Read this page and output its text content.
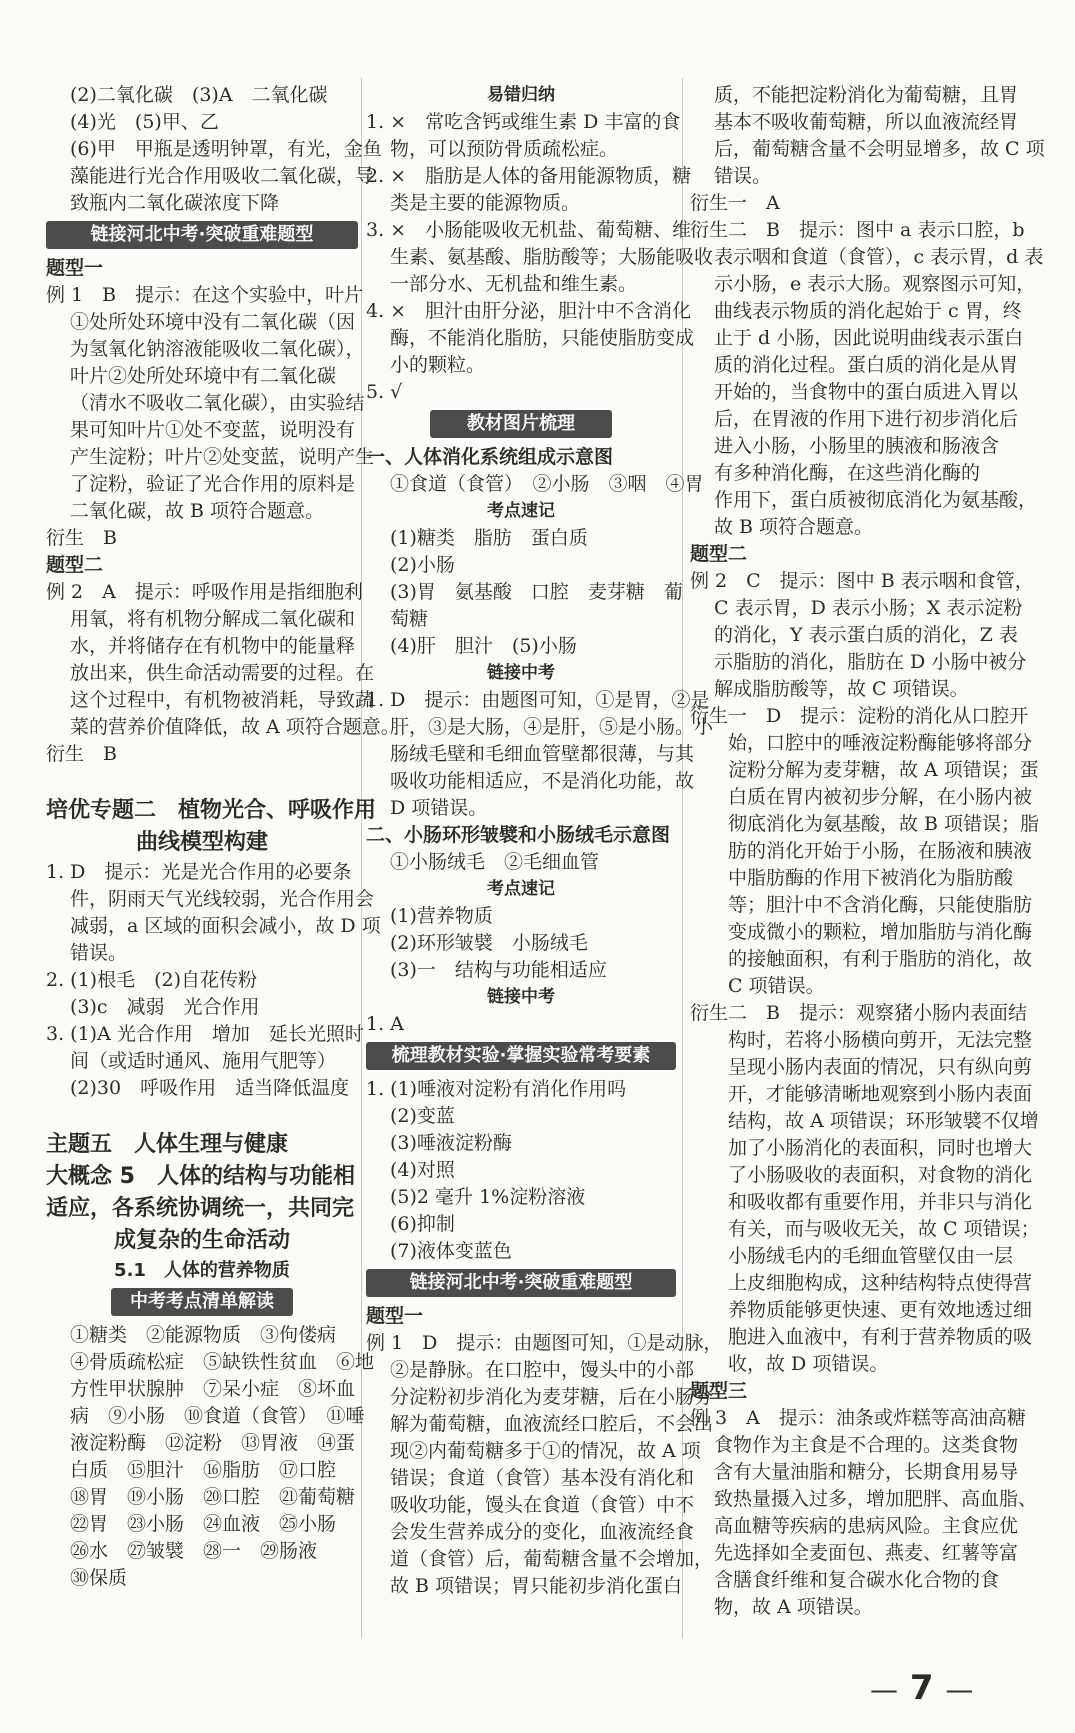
(2)二氧化碳　(3)A　二氧化碳
(4)光　(5)甲、乙
(6)甲　甲瓶是透明钟罩，有光，金鱼
藻能进行光合作用吸收二氧化碳，导
致瓶内二氧化碳浓度下降
链接河北中考·突破重难题型
题型一
例 1　B　提示：在这个实验中，叶片
①处所处环境中没有二氧化碳（因
为氢氧化钠溶液能吸收二氧化碳），
叶片②处所处环境中有二氧化碳
（清水不吸收二氧化碳），由实验结
果可知叶片①处不变蓝，说明没有
产生淀粉；叶片②处变蓝，说明产生
了淀粉，验证了光合作用的原料是
二氧化碳，故 B 项符合题意。
衍生　B
题型二
例 2　A　提示：呼吸作用是指细胞利
用氧，将有机物分解成二氧化碳和
水，并将储存在有机物中的能量释
放出来，供生命活动需要的过程。在
这个过程中，有机物被消耗，导致蔬
菜的营养价值降低，故 A 项符合题意。
衍生　B

培优专题二　植物光合、呼吸作用
曲线模型构建
1. D　提示：光是光合作用的必要条
件，阴雨天气光线较弱，光合作用会
减弱，a 区域的面积会减小，故 D 项
错误。
2. (1)根毛　(2)自花传粉
(3)c　减弱　光合作用
3. (1)A 光合作用　增加　延长光照时
间（或适时通风、施用气肥等）
(2)30　呼吸作用　适当降低温度

主题五　人体生理与健康
大概念 5　人体的结构与功能相
适应，各系统协调统一，共同完
成复杂的生命活动
5.1　人体的营养物质
中考考点清单解读
①糖类　②能源物质　③佝偻病
④骨质疏松症　⑤缺铁性贫血　⑥地
方性甲状腺肿　⑦呆小症　⑧坏血
病　⑨小肠　⑩食道（食管）　⑪唾
液淀粉酶　⑫淀粉　⑬胃液　⑭蛋
白质　⑮胆汁　⑯脂肪　⑰口腔
⑱胃　⑲小肠　⑳口腔　㉑葡萄糖
㉒胃　㉓小肠　㉔血液　㉕小肠
㉖水　㉗皱襞　㉘一　㉙肠液
㉚保质
易错归纳
1. ×　常吃含钙或维生素 D 丰富的食
物，可以预防骨质疏松症。
2. ×　脂肪是人体的备用能源物质，糖
类是主要的能源物质。
3. ×　小肠能吸收无机盐、葡萄糖、维
生素、氨基酸、脂肪酸等；大肠能吸收
一部分水、无机盐和维生素。
4. ×　胆汁由肝分泌，胆汁中不含消化
酶，不能消化脂肪，只能使脂肪变成
小的颗粒。
5. √
教材图片梳理
一、人体消化系统组成示意图
①食道（食管）　②小肠　③咽　④胃
考点速记
(1)糖类　脂肪　蛋白质
(2)小肠
(3)胃　氨基酸　口腔　麦芽糖　葡
萄糖
(4)肝　胆汁　(5)小肠
链接中考
1. D　提示：由题图可知，①是胃，②是
肝，③是大肠，④是肝，⑤是小肠。小
肠绒毛壁和毛细血管壁都很薄，与其
吸收功能相适应，不是消化功能，故
D 项错误。
二、小肠环形皱襞和小肠绒毛示意图
①小肠绒毛　②毛细血管
考点速记
(1)营养物质
(2)环形皱襞　小肠绒毛
(3)一　结构与功能相适应
链接中考
1. A
梳理教材实验·掌握实验常考要素
1. (1)唾液对淀粉有消化作用吗
(2)变蓝
(3)唾液淀粉酶
(4)对照
(5)2 毫升 1%淀粉溶液
(6)抑制
(7)液体变蓝色
链接河北中考·突破重难题型
题型一
例 1　D　提示：由题图可知，①是动脉，
②是静脉。在口腔中，馒头中的小部
分淀粉初步消化为麦芽糖，后在小肠分
解为葡萄糖，血液流经口腔后，不会出
现②内葡萄糖多于①的情况，故 A 项
错误；食道（食管）基本没有消化和
吸收功能，馒头在食道（食管）中不
会发生营养成分的变化，血液流经食
道（食管）后，葡萄糖含量不会增加，
故 B 项错误；胃只能初步消化蛋白
质，不能把淀粉消化为葡萄糖，且胃
基本不吸收葡萄糖，所以血液流经胃
后，葡萄糖含量不会明显增多，故 C 项
错误。
衍生一　A
衍生二　B　提示：图中 a 表示口腔，b
表示咽和食道（食管），c 表示胃，d 表
示小肠，e 表示大肠。观察图示可知，
曲线表示物质的消化起始于 c 胃，终
止于 d 小肠，因此说明曲线表示蛋白
质的消化过程。蛋白质的消化是从胃
开始的，当食物中的蛋白质进入胃以
后，在胃液的作用下进行初步消化后
进入小肠，小肠里的胰液和肠液含
有多种消化酶，在这些消化酶的
作用下，蛋白质被彻底消化为氨基酸，
故 B 项符合题意。
题型二
例 2　C　提示：图中 B 表示咽和食管，
C 表示胃，D 表示小肠；X 表示淀粉
的消化，Y 表示蛋白质的消化，Z 表
示脂肪的消化，脂肪在 D 小肠中被分
解成脂肪酸等，故 C 项错误。
衍生一　D　提示：淀粉的消化从口腔开
始，口腔中的唾液淀粉酶能够将部分
淀粉分解为麦芽糖，故 A 项错误；蛋
白质在胃内被初步分解，在小肠内被
彻底消化为氨基酸，故 B 项错误；脂
肪的消化开始于小肠，在肠液和胰液
中脂肪酶的作用下被消化为脂肪酸
等；胆汁中不含消化酶，只能使脂肪
变成微小的颗粒，增加脂肪与消化酶
的接触面积，有利于脂肪的消化，故
C 项错误。
衍生二　B　提示：观察猪小肠内表面结
构时，若将小肠横向剪开，无法完整
呈现小肠内表面的情况，只有纵向剪
开，才能够清晰地观察到小肠内表面
结构，故 A 项错误；环形皱襞不仅增
加了小肠消化的表面积，同时也增大
了小肠吸收的表面积，对食物的消化
和吸收都有重要作用，并非只与消化
有关，而与吸收无关，故 C 项错误；
小肠绒毛内的毛细血管壁仅由一层
上皮细胞构成，这种结构特点使得营
养物质能够更快速、更有效地透过细
胞进入血液中，有利于营养物质的吸
收，故 D 项错误。
题型三
例 3　A　提示：油条或炸糕等高油高糖
食物作为主食是不合理的。这类食物
含有大量油脂和糖分，长期食用易导
致热量摄入过多，增加肥胖、高血脂、
高血糖等疾病的患病风险。主食应优
先选择如全麦面包、燕麦、红薯等富
含膳食纤维和复合碳水化合物的食
物，故 A 项错误。
— 7 —
